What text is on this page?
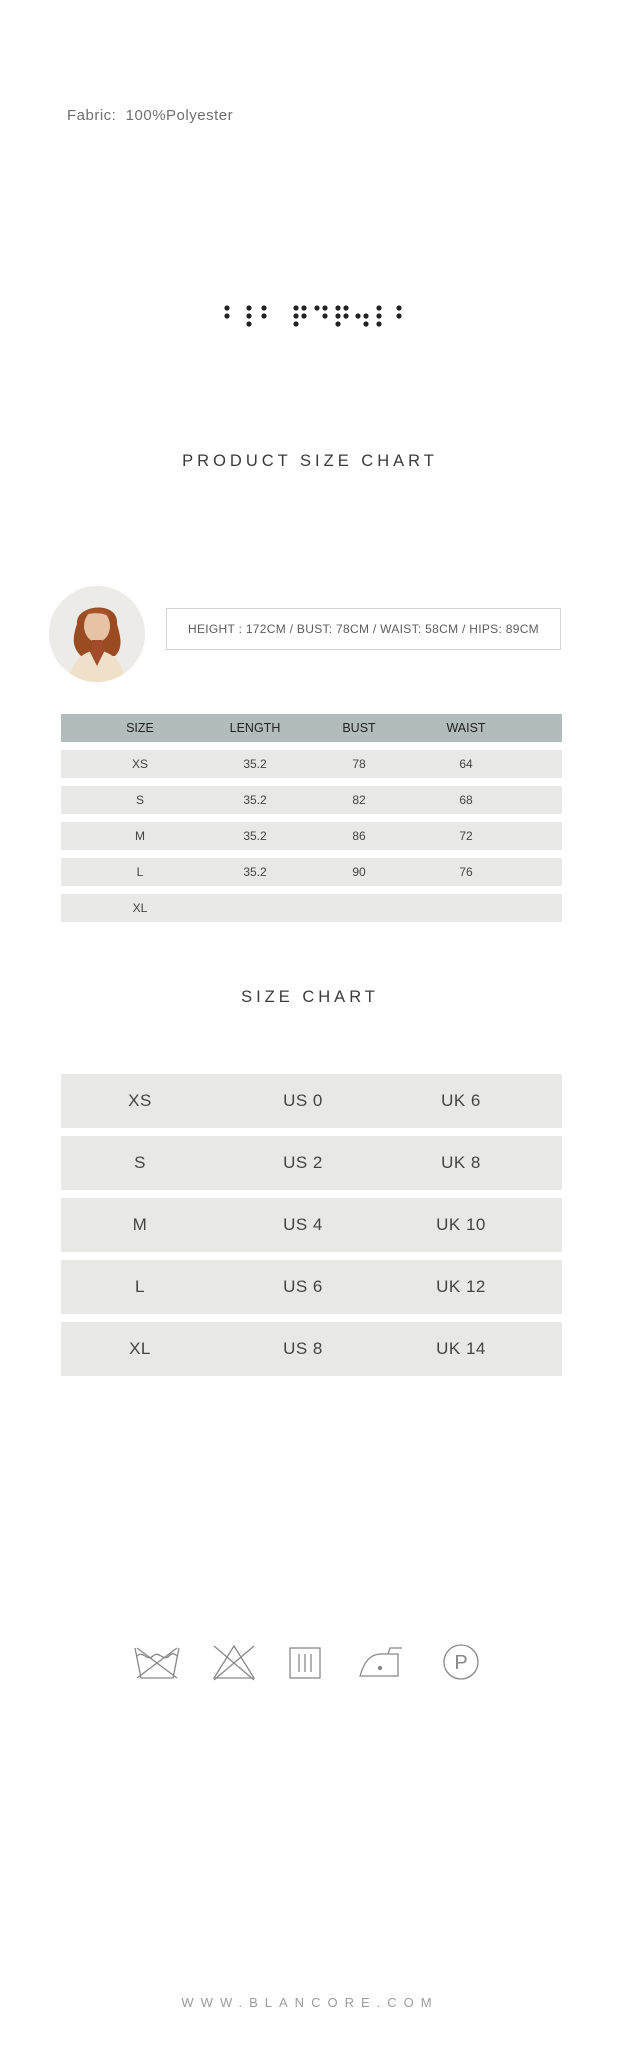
Fabric:  100%Polyester
PRODUCT SIZE CHART
HEIGHT : 172CM / BUST: 78CM / WAIST: 58CM / HIPS: 89CM
SIZE	LENGTH	BUST	WAIST
XS	35.2	78	64
S	35.2	82	68
M	35.2	86	72
L	35.2	90	76
XL
SIZE CHART
XS	US 0	UK 6
S	US 2	UK 8
M	US 4	UK 10
L	US 6	UK 12
XL	US 8	UK 14
P
WWW.BLANCORE.COM
